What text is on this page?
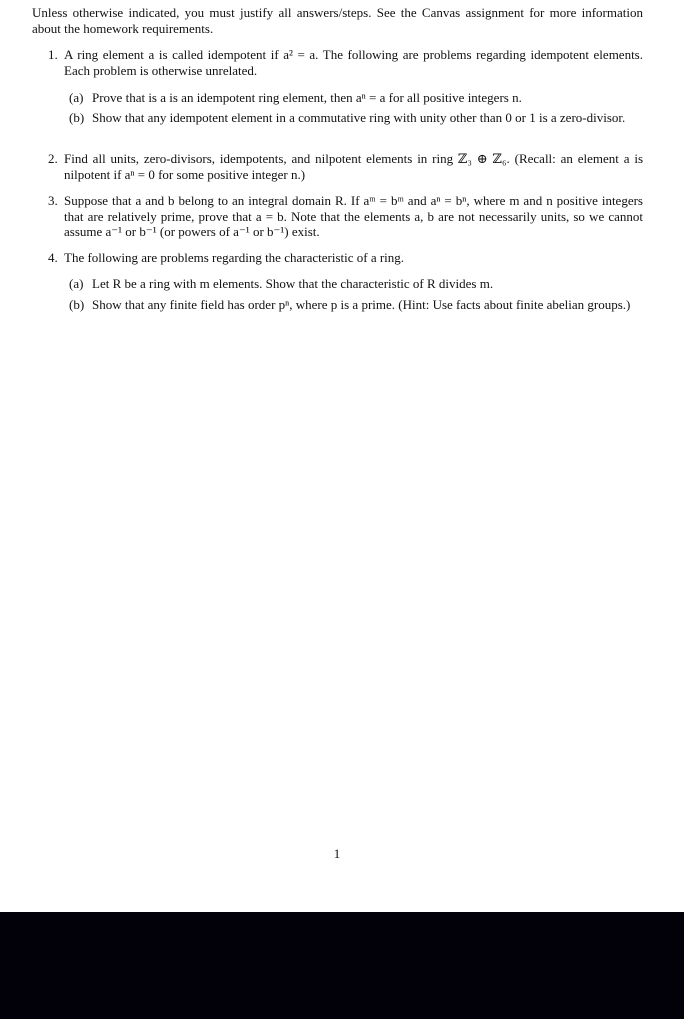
Unless otherwise indicated, you must justify all answers/steps. See the Canvas assignment for more information about the homework requirements.
1. A ring element a is called idempotent if a² = a. The following are problems regarding idempotent elements. Each problem is otherwise unrelated.
(a) Prove that is a is an idempotent ring element, then aⁿ = a for all positive integers n.
(b) Show that any idempotent element in a commutative ring with unity other than 0 or 1 is a zero-divisor.
2. Find all units, zero-divisors, idempotents, and nilpotent elements in ring ℤ₃ ⊕ ℤ₆. (Recall: an element a is nilpotent if aⁿ = 0 for some positive integer n.)
3. Suppose that a and b belong to an integral domain R. If aᵐ = bᵐ and aⁿ = bⁿ, where m and n positive integers that are relatively prime, prove that a = b. Note that the elements a, b are not necessarily units, so we cannot assume a⁻¹ or b⁻¹ (or powers of a⁻¹ or b⁻¹) exist.
4. The following are problems regarding the characteristic of a ring.
(a) Let R be a ring with m elements. Show that the characteristic of R divides m.
(b) Show that any finite field has order pⁿ, where p is a prime. (Hint: Use facts about finite abelian groups.)
1
